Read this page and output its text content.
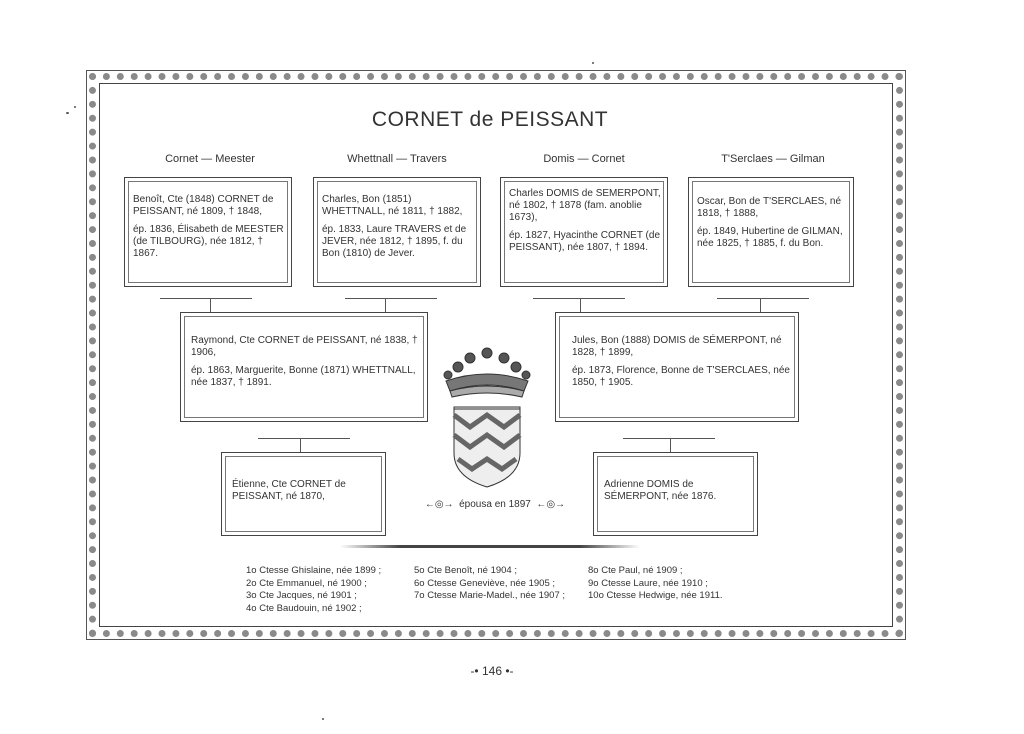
CORNET de PEISSANT
Cornet — Meester	Whettnall — Travers	Domis — Cornet	T'Serclaes — Gilman

Benoît, Cte (1848) CORNET de PEISSANT, né 1809, † 1848,

ép. 1836, Élisabeth de MEESTER (de TILBOURG), née 1812, † 1867.

Charles, Bon (1851) WHETTNALL, né 1811, † 1882,

ép. 1833, Laure TRAVERS et de JEVER, née 1812, † 1895, f. du Bon (1810) de Jever.

Charles DOMIS de SEMERPONT, né 1802, † 1878 (fam. anoblie 1673),

ép. 1827, Hyacinthe CORNET (de PEISSANT), née 1807, † 1894.

Oscar, Bon de T'SERCLAES, né 1818, † 1888,

ép. 1849, Hubertine de GILMAN, née 1825, † 1885, f. du Bon.

Raymond, Cte CORNET de PEISSANT, né 1838, † 1906,

ép. 1863, Marguerite, Bonne (1871) WHETTNALL, née 1837, † 1891.

Jules, Bon (1888) DOMIS de SÉMERPONT, né 1828, † 1899,

ép. 1873, Florence, Bonne de T'SERCLAES, née 1850, † 1905.

Étienne, Cte CORNET de PEISSANT, né 1870,

Adrienne DOMIS de SÉMERPONT, née 1876.

←◎→ épousa en 1897 ←◎→
1o Ctesse Ghislaine, née 1899 ;
2o Cte Emmanuel, né 1900 ;
3o Cte Jacques, né 1901 ;
4o Cte Baudouin, né 1902 ;
5o Cte Benoît, né 1904 ;
6o Ctesse Geneviève, née 1905 ;
7o Ctesse Marie-Madel., née 1907 ;
8o Cte Paul, né 1909 ;
9o Ctesse Laure, née 1910 ;
10o Ctesse Hedwige, née 1911.
-• 146 •-
